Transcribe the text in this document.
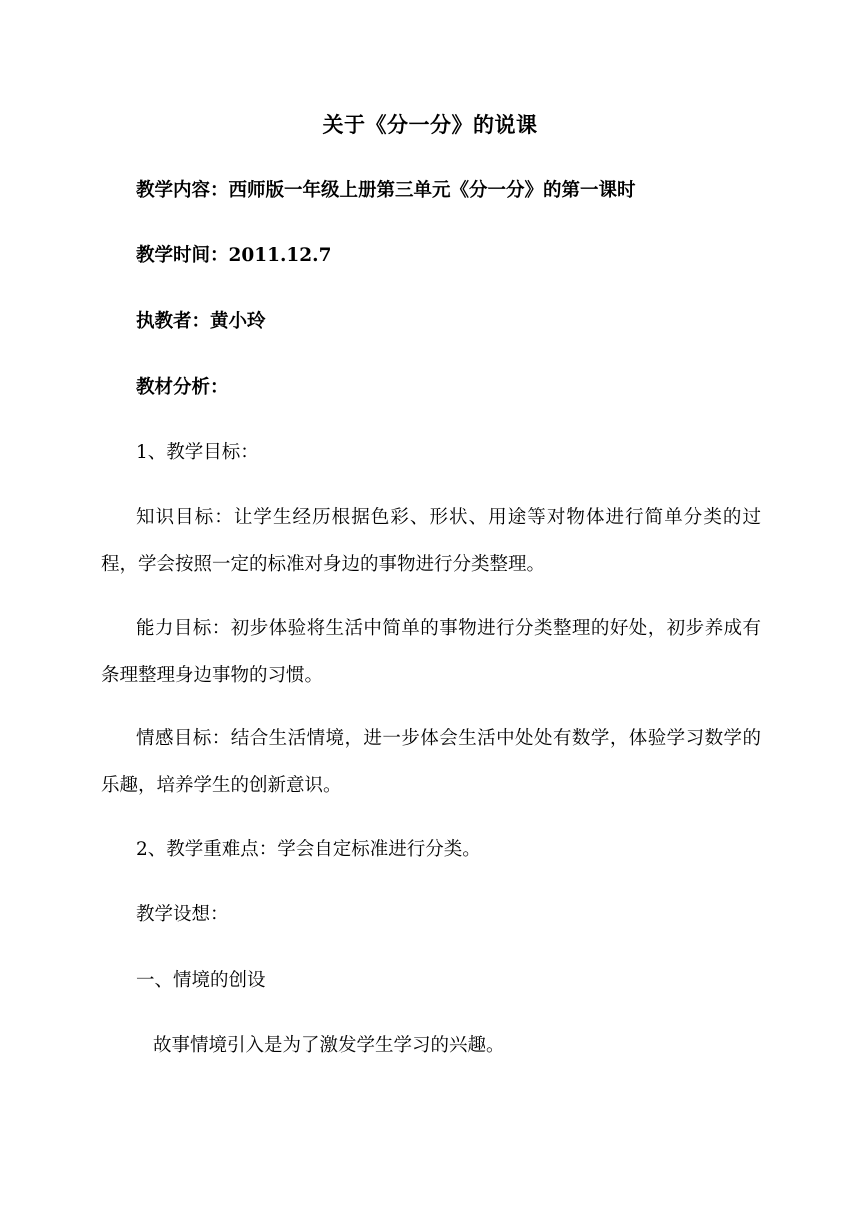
关于《分一分》的说课
教学内容：西师版一年级上册第三单元《分一分》的第一课时
教学时间：2011.12.7
执教者：黄小玲
教材分析：
1、教学目标：
知识目标：让学生经历根据色彩、形状、用途等对物体进行简单分类的过程，学会按照一定的标准对身边的事物进行分类整理。
能力目标：初步体验将生活中简单的事物进行分类整理的好处，初步养成有条理整理身边事物的习惯。
情感目标：结合生活情境，进一步体会生活中处处有数学，体验学习数学的乐趣，培养学生的创新意识。
2、教学重难点：学会自定标准进行分类。
教学设想：
一、情境的创设
故事情境引入是为了激发学生学习的兴趣。
